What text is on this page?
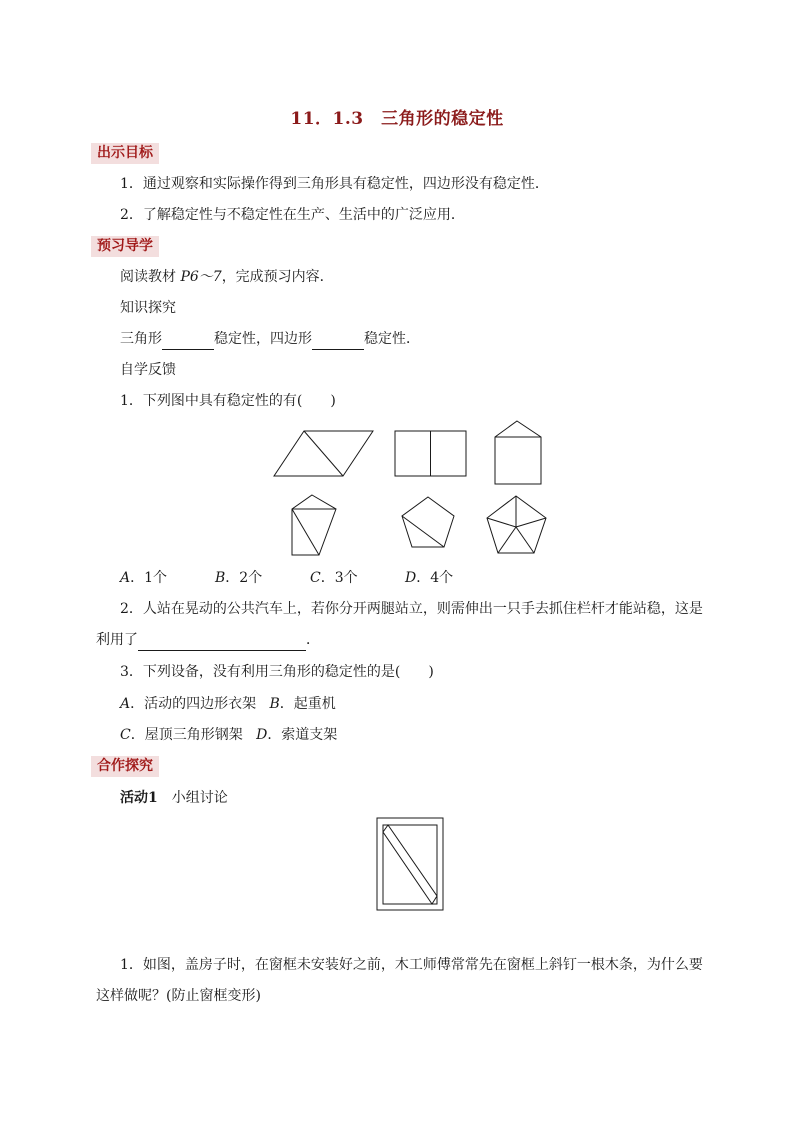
11．1.3　三角形的稳定性
出示目标
1．通过观察和实际操作得到三角形具有稳定性，四边形没有稳定性．
2．了解稳定性与不稳定性在生产、生活中的广泛应用．
预习导学
阅读教材 P6～7，完成预习内容．
知识探究
三角形	稳定性，四边形	稳定性．
自学反馈
1．下列图中具有稳定性的有(　　)
A．1个	B．2个	C．3个	D．4个
2．人站在晃动的公共汽车上，若你分开两腿站立，则需伸出一只手去抓住栏杆才能站稳，这是
利用了	．
3．下列设备，没有利用三角形的稳定性的是(　　)
A．活动的四边形衣架 B．起重机
C．屋顶三角形钢架 D．索道支架
合作探究
活动1　 小组讨论
1．如图，盖房子时，在窗框未安装好之前，木工师傅常常先在窗框上斜钉一根木条，为什么要
这样做呢？(防止窗框变形)
